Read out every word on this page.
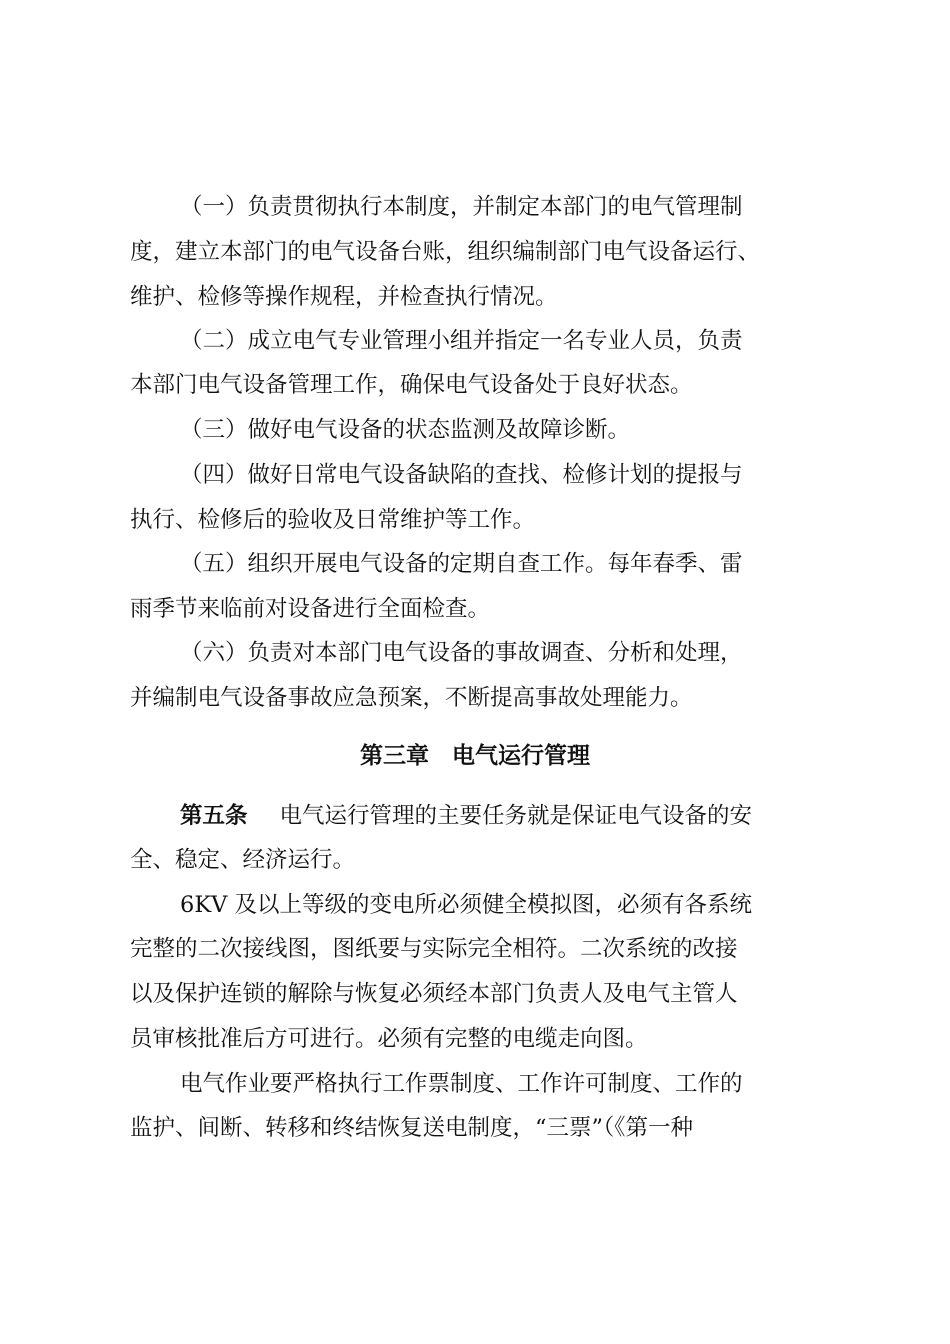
（一）负责贯彻执行本制度，并制定本部门的电气管理制
度，建立本部门的电气设备台账，组织编制部门电气设备运行、
维护、检修等操作规程，并检查执行情况。
（二）成立电气专业管理小组并指定一名专业人员，负责
本部门电气设备管理工作，确保电气设备处于良好状态。
（三）做好电气设备的状态监测及故障诊断。
（四）做好日常电气设备缺陷的查找、检修计划的提报与
执行、检修后的验收及日常维护等工作。
（五）组织开展电气设备的定期自查工作。每年春季、雷
雨季节来临前对设备进行全面检查。
（六）负责对本部门电气设备的事故调查、分析和处理，
并编制电气设备事故应急预案，不断提高事故处理能力。
第三章　电气运行管理
第五条 电气运行管理的主要任务就是保证电气设备的安
全、稳定、经济运行。
6KV 及以上等级的变电所必须健全模拟图，必须有各系统
完整的二次接线图，图纸要与实际完全相符。二次系统的改接
以及保护连锁的解除与恢复必须经本部门负责人及电气主管人
员审核批准后方可进行。必须有完整的电缆走向图。
电气作业要严格执行工作票制度、工作许可制度、工作的
监护、间断、转移和终结恢复送电制度，“三票”（《第一种
